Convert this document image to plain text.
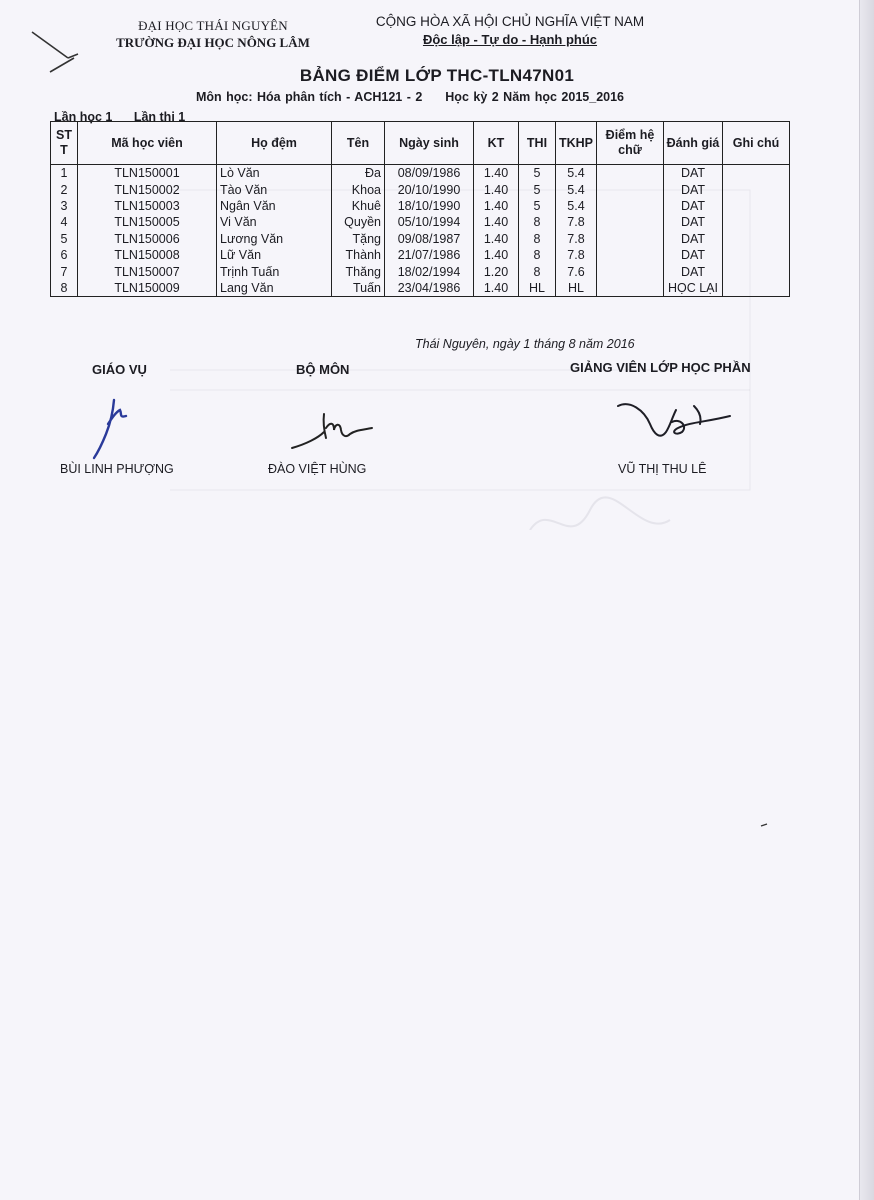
ĐẠI HỌC THÁI NGUYÊN
TRƯỜNG ĐẠI HỌC NÔNG LÂM
CỘNG HÒA XÃ HỘI CHỦ NGHĨA VIỆT NAM
Độc lập - Tự do - Hạnh phúc
BẢNG ĐIỂM LỚP THC-TLN47N01
Môn học: Hóa phân tích - ACH121 - 2 Học kỳ 2 Năm học 2015_2016
Lần học 1 Lần thi 1
ST T	Mã học viên	Họ đệm	Tên	Ngày sinh	KT	THI	TKHP	Điểm hệ chữ	Đánh giá	Ghi chú
1	TLN150001	Lò Văn	Đa	08/09/1986	1.40	5	5.4		DAT	
2	TLN150002	Tào Văn	Khoa	20/10/1990	1.40	5	5.4		DAT	
3	TLN150003	Ngân Văn	Khuê	18/10/1990	1.40	5	5.4		DAT	
4	TLN150005	Vi Văn	Quyền	05/10/1994	1.40	8	7.8		DAT	
5	TLN150006	Lương Văn	Tặng	09/08/1987	1.40	8	7.8		DAT	
6	TLN150008	Lữ Văn	Thành	21/07/1986	1.40	8	7.8		DAT	
7	TLN150007	Trịnh Tuấn	Thăng	18/02/1994	1.20	8	7.6		DAT	
8	TLN150009	Lang Văn	Tuấn	23/04/1986	1.40	HL	HL		HỌC LẠI	
Thái Nguyên, ngày 1 tháng 8 năm 2016
GIÁO VỤ	BỘ MÔN	GIẢNG VIÊN LỚP HỌC PHẦN
BÙI LINH PHƯỢNG	ĐÀO VIỆT HÙNG	VŨ THỊ THU LÊ
